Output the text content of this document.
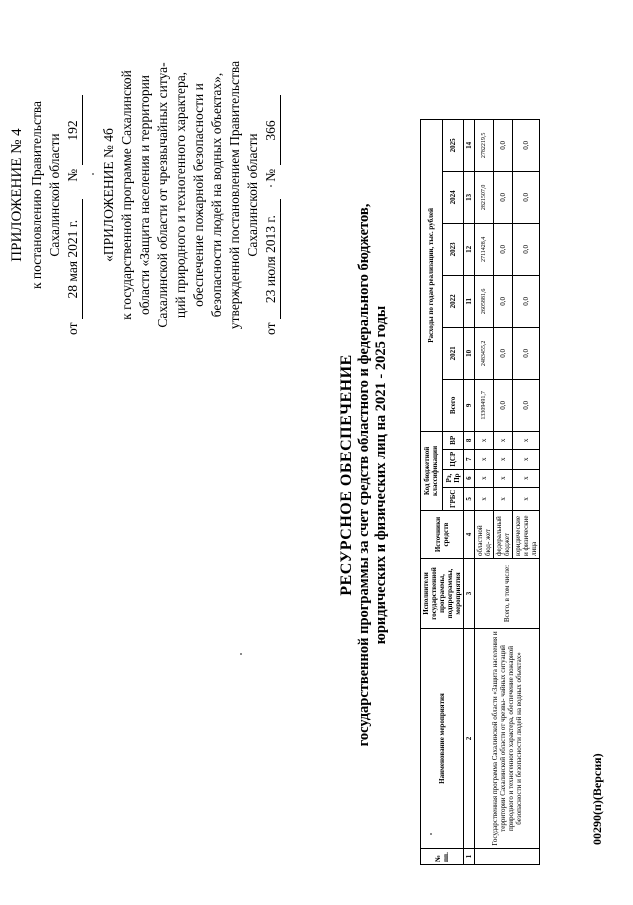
ПРИЛОЖЕНИЕ № 4 к постановлению Правительства Сахалинской области
от 28 мая 2021 г. № 192 «ПРИЛОЖЕНИЕ № 4б к государственной программе Сахалинской области «Защита населения и территории Сахалинской области от чрезвычайных ситуа- ций природного и техногенного характера, обеспечение пожарной безопасности и безопасности людей на водных объектах», утвержденной постановлением Правительства Сахалинской области
от 23 июля 2013 г. № 366
РЕСУРСНОЕ ОБЕСПЕЧЕНИЕ государственной программы за счет средств областного и федерального бюджетов, юридических и физических лиц на 2021 - 2025 годы
№ пп.	Наименование мероприятия	Исполнители государственной программы, подпрограммы, мероприятия	Источники средств	Код бюджетной классификации				Расходы по годам реализации, тыс. рублей					
				ГРБС	Рз, Пр	ЦСР	ВР	Всего	2021	2022	2023	2024	2025
1	2	3	4	5	6	7	8	9	10	11	12	13	14
	Государственная программа Сахалинской области «Защита населения и территории Сахалинской области от чрезвы- чайных ситуаций природного и техногенного характера, обеспечение пожарной безопасности и безопасности людей на водных объектах»	Всего, в том числе:	областной бюд- жет	x	x	x	x	13309491,7	2483455,2	2605881,6	2711428,4	2821507,0	2782219,5
			федеральный бюджет	x	x	x	x	0,0	0,0	0,0	0,0	0,0	0,0
			юридические и физические лица	x	x	x	x	0,0	0,0	0,0	0,0	0,0	0,0
00290(п)(Версия)
